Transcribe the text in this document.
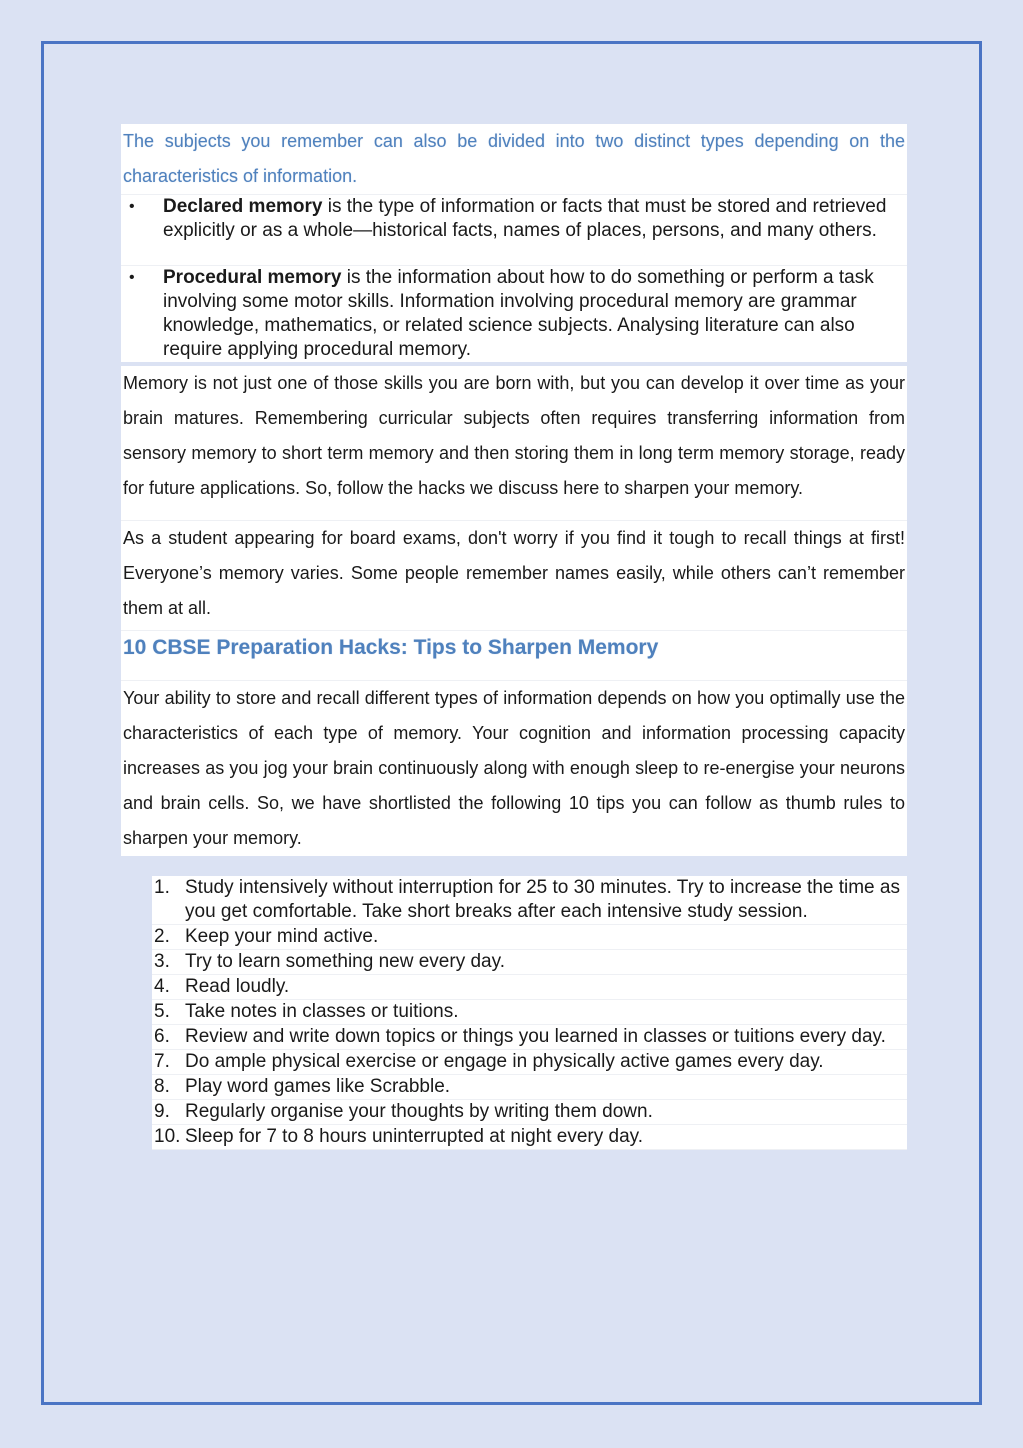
The subjects you remember can also be divided into two distinct types depending on the characteristics of information.

• Declared memory is the type of information or facts that must be stored and retrieved explicitly or as a whole—historical facts, names of places, persons, and many others.
• Procedural memory is the information about how to do something or perform a task involving some motor skills. Information involving procedural memory are grammar knowledge, mathematics, or related science subjects. Analysing literature can also require applying procedural memory.

Memory is not just one of those skills you are born with, but you can develop it over time as your brain matures. Remembering curricular subjects often requires transferring information from sensory memory to short term memory and then storing them in long term memory storage, ready for future applications. So, follow the hacks we discuss here to sharpen your memory.

As a student appearing for board exams, don't worry if you find it tough to recall things at first! Everyone’s memory varies. Some people remember names easily, while others can’t remember them at all.

10 CBSE Preparation Hacks: Tips to Sharpen Memory

Your ability to store and recall different types of information depends on how you optimally use the characteristics of each type of memory. Your cognition and information processing capacity increases as you jog your brain continuously along with enough sleep to re-energise your neurons and brain cells. So, we have shortlisted the following 10 tips you can follow as thumb rules to sharpen your memory.

1. Study intensively without interruption for 25 to 30 minutes. Try to increase the time as you get comfortable. Take short breaks after each intensive study session.
2. Keep your mind active.
3. Try to learn something new every day.
4. Read loudly.
5. Take notes in classes or tuitions.
6. Review and write down topics or things you learned in classes or tuitions every day.
7. Do ample physical exercise or engage in physically active games every day.
8. Play word games like Scrabble.
9. Regularly organise your thoughts by writing them down.
10. Sleep for 7 to 8 hours uninterrupted at night every day.
